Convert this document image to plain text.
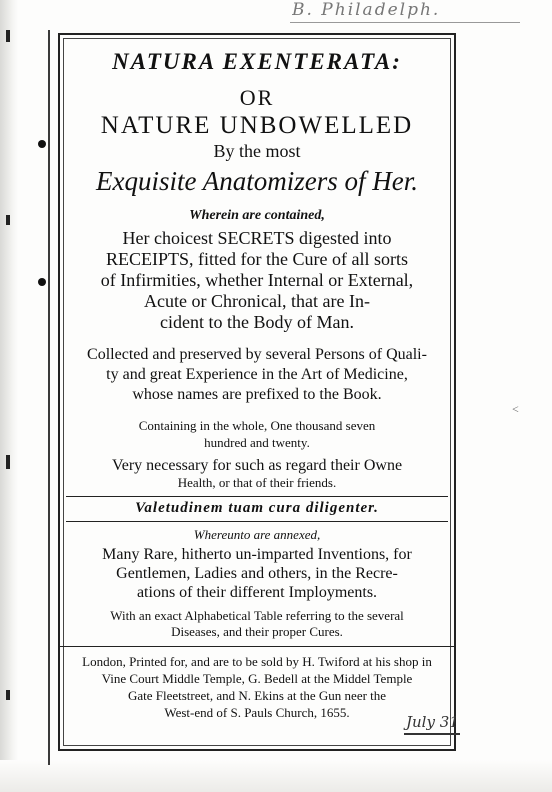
B. Philadelph.
NATURA EXENTERATA:
OR
NATURE UNBOWELLED
By the most
Exquisite Anatomizers of Her.
Wherein are contained,
Her choicest SECRETS digested into
RECEIPTS, fitted for the Cure of all sorts
of Infirmities, whether Internal or External,
Acute or Chronical, that are In-
cident to the Body of Man.
Collected and preserved by several Persons of Quali-
ty and great Experience in the Art of Medicine,
whose names are prefixed to the Book.
Containing in the whole, One thousand seven
hundred and twenty.
Very necessary for such as regard their Owne
Health, or that of their friends.
Valetudinem tuam cura diligenter.
Whereunto are annexed,
Many Rare, hitherto un-imparted Inventions, for
Gentlemen, Ladies and others, in the Recre-
ations of their different Imployments.
With an exact Alphabetical Table referring to the several
Diseases, and their proper Cures.
London, Printed for, and are to be sold by H. Twiford at his shop in
Vine Court Middle Temple, G. Bedell at the Middel Temple
Gate Fleetstreet, and N. Ekins at the Gun neer the
West-end of S. Pauls Church, 1655.
July 31
<
